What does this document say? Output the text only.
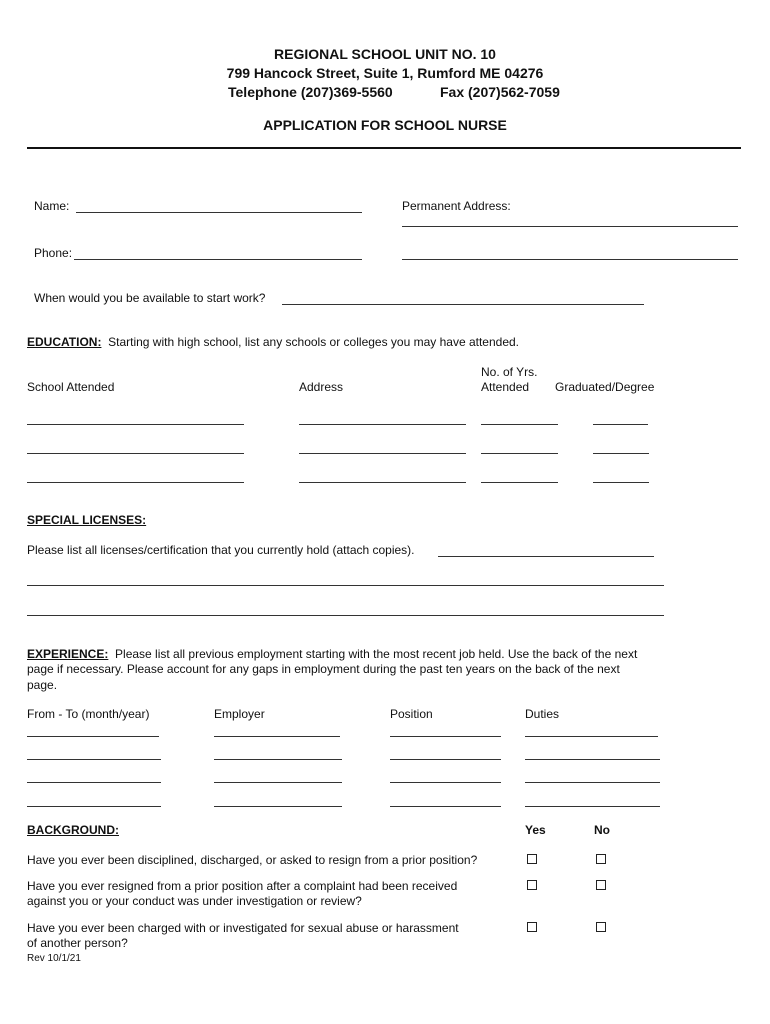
REGIONAL SCHOOL UNIT NO. 10
799 Hancock Street, Suite 1, Rumford ME 04276
Telephone (207)369-5560	Fax (207)562-7059
APPLICATION FOR SCHOOL NURSE
Name:	Permanent Address:
Phone:
When would you be available to start work?
EDUCATION: Starting with high school, list any schools or colleges you may have attended.
No. of Yrs.
School Attended	Address	Attended Graduated/Degree
SPECIAL LICENSES:
Please list all licenses/certification that you currently hold (attach copies).
EXPERIENCE: Please list all previous employment starting with the most recent job held. Use the back of the next
page if necessary. Please account for any gaps in employment during the past ten years on the back of the next
page.
From - To (month/year)	Employer	Position	Duties
BACKGROUND:	Yes	No
Have you ever been disciplined, discharged, or asked to resign from a prior position?
Have you ever resigned from a prior position after a complaint had been received
against you or your conduct was under investigation or review?
Have you ever been charged with or investigated for sexual abuse or harassment
of another person?
Rev 10/1/21
